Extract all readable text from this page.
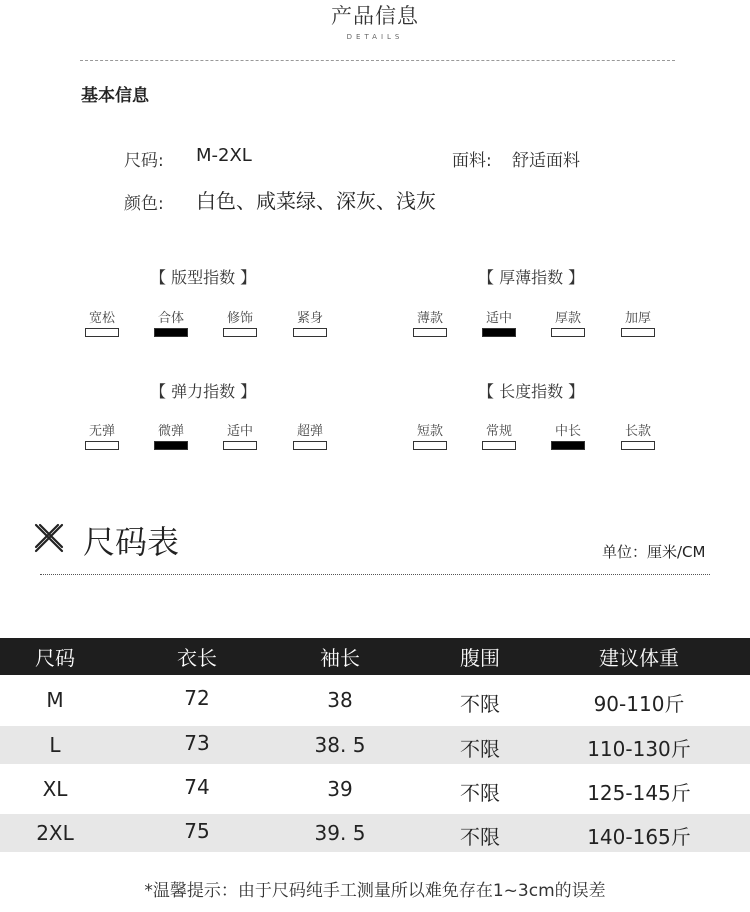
产品信息
DETAILS
基本信息
尺码: M-2XL	面料: 舒适面料
颜色: 白色、咸菜绿、深灰、浅灰
【 版型指数 】
宽松	合体	修饰	紧身
【 厚薄指数 】
薄款	适中	厚款	加厚
【 弹力指数 】
无弹	微弹	适中	超弹
【 长度指数 】
短款	常规	中长	长款
尺码表	单位：厘米/CM
尺码	衣长	袖长	腹围	建议体重
M	72	38	不限	90-110斤
L	73	38. 5	不限	110-130斤
XL	74	39	不限	125-145斤
2XL	75	39. 5	不限	140-165斤
*温馨提示：由于尺码纯手工测量所以难免存在1~3cm的误差
